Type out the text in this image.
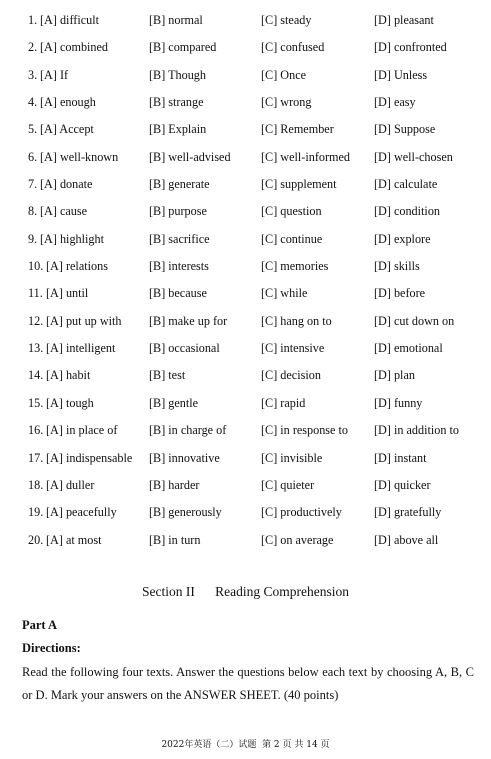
1. [A] difficult	[B] normal	[C] steady	[D] pleasant
2. [A] combined	[B] compared	[C] confused	[D] confronted
3. [A] If	[B] Though	[C] Once	[D] Unless
4. [A] enough	[B] strange	[C] wrong	[D] easy
5. [A] Accept	[B] Explain	[C] Remember	[D] Suppose
6. [A] well-known	[B] well-advised [C] well-informed [D] well-chosen
7. [A] donate	[B] generate	[C] supplement	[D] calculate
8. [A] cause	[B] purpose	[C] question	[D] condition
9. [A] highlight	[B] sacrifice	[C] continue	[D] explore
10. [A] relations	[B] interests	[C] memories	[D] skills
11. [A] until	[B] because	[C] while	[D] before
12. [A] put up with [B] make up for	[C] hang on to	[D] cut down on
13. [A] intelligent	[B] occasional	[C] intensive	[D] emotional
14. [A] habit	[B] test	[C] decision	[D] plan
15. [A] tough	[B] gentle	[C] rapid	[D] funny
16. [A] in place of	[B] in charge of	[C] in response to [D] in addition to
17. [A] indispensable [B] innovative	[C] invisible	[D] instant
18. [A] duller	[B] harder	[C] quieter	[D] quicker
19. [A] peacefully	[B] generously	[C] productively	[D] gratefully
20. [A] at most	[B] in turn	[C] on average	[D] above all
Section II      Reading Comprehension
Part A
Directions:
Read the following four texts. Answer the questions below each text by choosing A, B, C or D. Mark your answers on the ANSWER SHEET. (40 points)
2022年英语（二）试题  第 2 页 共 14 页
